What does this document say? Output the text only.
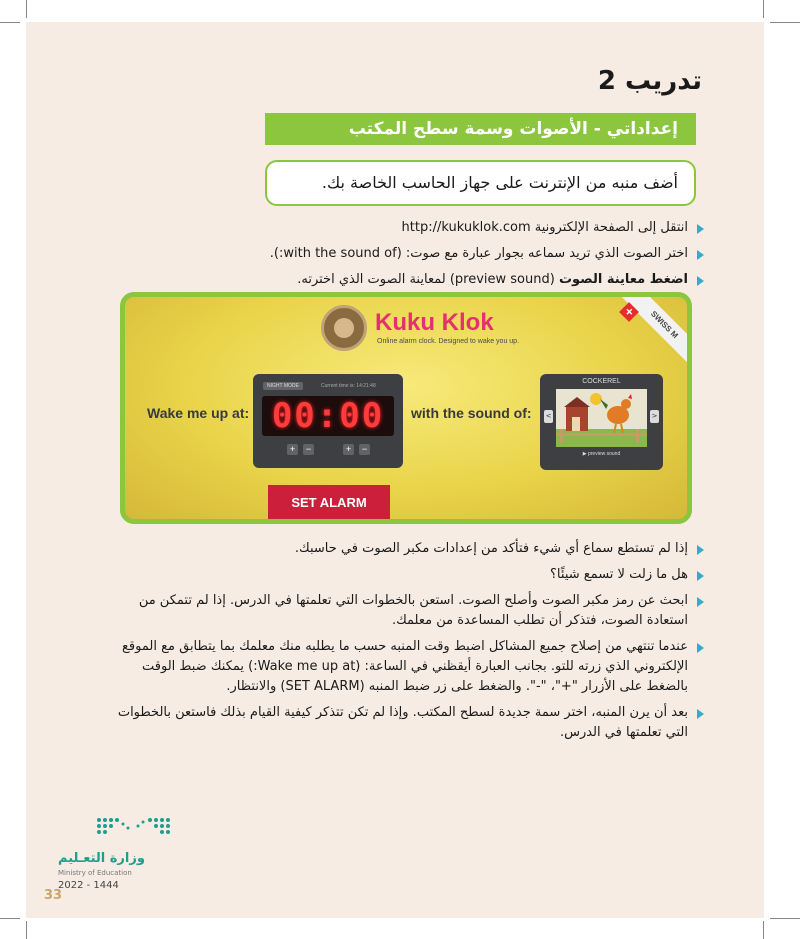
تدريب 2
إعداداتي - الأصوات وسمة سطح المكتب
أضف منبه من الإنترنت على جهاز الحاسب الخاصة بك.
انتقل إلى الصفحة الإلكترونية http://kukuklok.com
اختر الصوت الذي تريد سماعه بجوار عبارة مع صوت: (with the sound of:).
اضغط معاينة الصوت (preview sound) لمعاينة الصوت الذي اخترته.
Kuku Klok
Online alarm clock. Designed to wake you up.
SWISS M
+
Wake me up at:
NIGHT MODE	Current time is: 14:21:48
00:00
+	−	+	−
with the sound of:
COCKEREL
<	>
▶ preview sound
SET ALARM
إذا لم تستطع سماع أي شيء فتأكد من إعدادات مكبر الصوت في حاسبك.
هل ما زلت لا تسمع شيئًا؟
ابحث عن رمز مكبر الصوت وأصلح الصوت. استعن بالخطوات التي تعلمتها في الدرس. إذا لم تتمكن من استعادة الصوت، فتذكر أن تطلب المساعدة من معلمك.
عندما تنتهي من إصلاح جميع المشاكل اضبط وقت المنبه حسب ما يطلبه منك معلمك بما يتطابق مع الموقع الإلكتروني الذي زرته للتو. بجانب العبارة أيقظني في الساعة: (Wake me up at:) يمكنك ضبط الوقت بالضغط على الأزرار "+"، "-". والضغط على زر ضبط المنبه (SET ALARM) والانتظار.
بعد أن يرن المنبه، اختر سمة جديدة لسطح المكتب. وإذا لم تكن تتذكر كيفية القيام بذلك فاستعن بالخطوات التي تعلمتها في الدرس.
وزارة التعـليم
Ministry of Education
2022 - 1444
33
